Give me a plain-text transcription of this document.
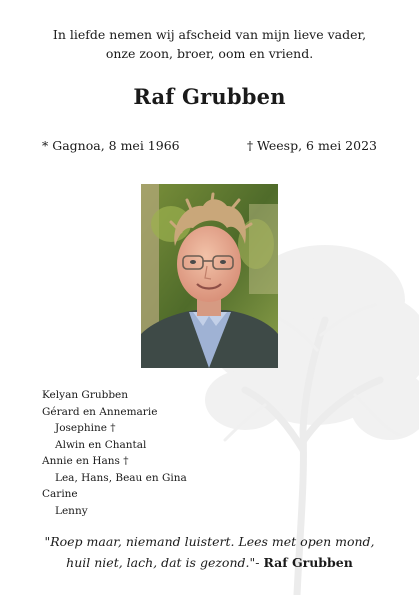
In liefde nemen wij afscheid van mijn lieve vader,
onze zoon, broer, oom en vriend.
Raf Grubben
* Gagnoa, 8 mei 1966	† Weesp, 6 mei 2023
Kelyan Grubben
Gérard en Annemarie
Josephine †
Alwin en Chantal
Annie en Hans †
Lea, Hans, Beau en Gina
Carine
Lenny
"Roep maar, niemand luistert. Lees met open mond,
huil niet, lach, dat is gezond."- Raf Grubben
